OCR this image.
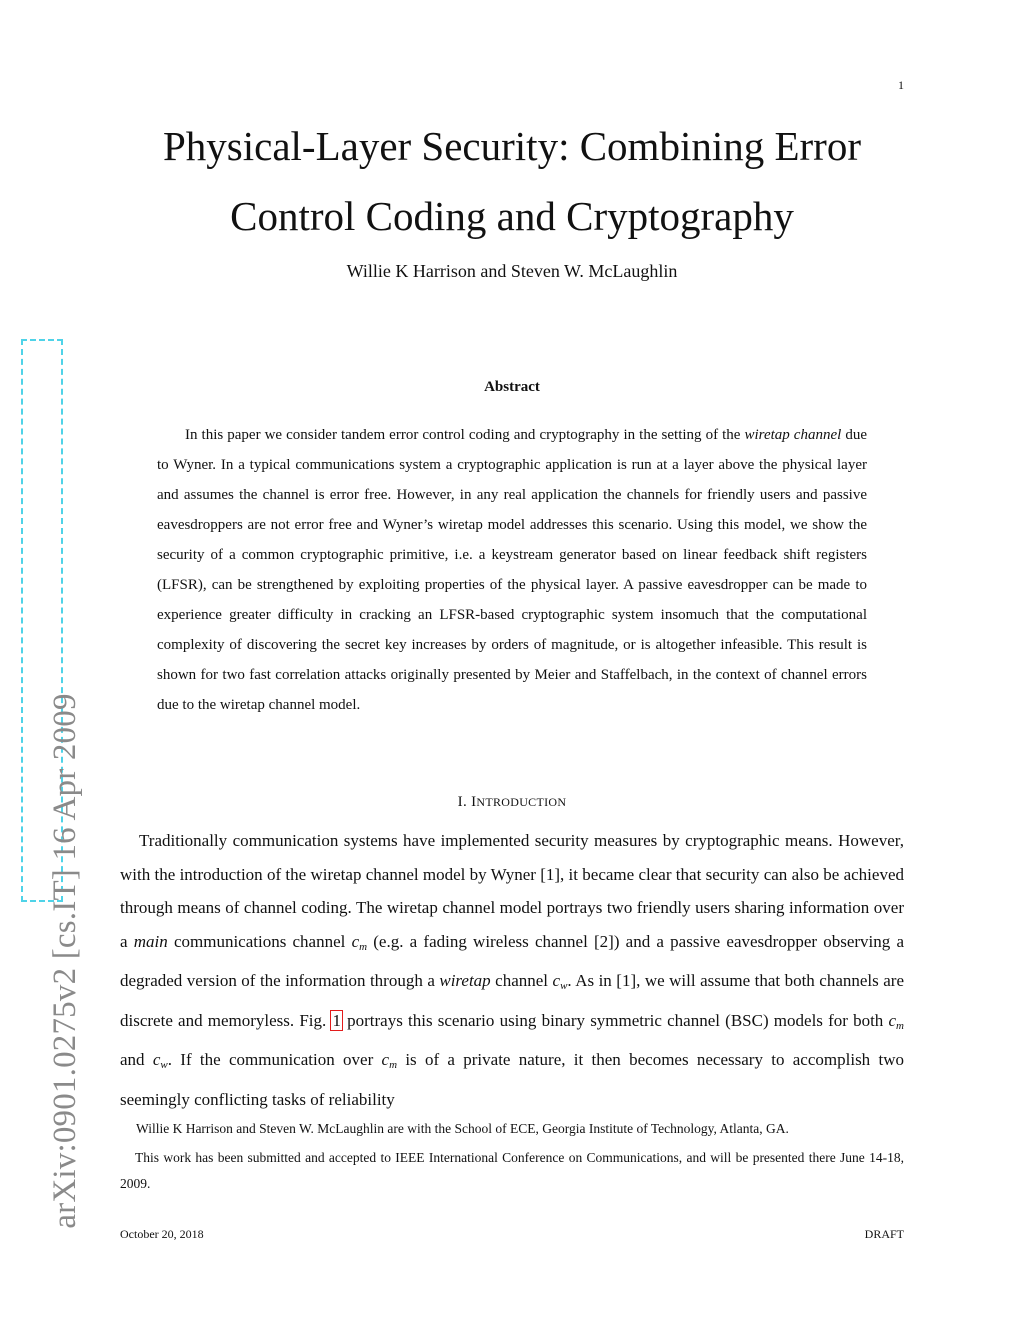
1
arXiv:0901.0275v2 [cs.IT] 16 Apr 2009
Physical-Layer Security: Combining Error
Control Coding and Cryptography
Willie K Harrison and Steven W. McLaughlin
Abstract

In this paper we consider tandem error control coding and cryptography in the setting of the wiretap channel due to Wyner. In a typical communications system a cryptographic application is run at a layer above the physical layer and assumes the channel is error free. However, in any real application the channels for friendly users and passive eavesdroppers are not error free and Wyner’s wiretap model addresses this scenario. Using this model, we show the security of a common cryptographic primitive, i.e. a keystream generator based on linear feedback shift registers (LFSR), can be strengthened by exploiting properties of the physical layer. A passive eavesdropper can be made to experience greater difficulty in cracking an LFSR-based cryptographic system insomuch that the computational complexity of discovering the secret key increases by orders of magnitude, or is altogether infeasible. This result is shown for two fast correlation attacks originally presented by Meier and Staffelbach, in the context of channel errors due to the wiretap channel model.

I. INTRODUCTION

Traditionally communication systems have implemented security measures by cryptographic means. However, with the introduction of the wiretap channel model by Wyner [1], it became clear that security can also be achieved through means of channel coding. The wiretap channel model portrays two friendly users sharing information over a main communications channel $c_m$ (e.g. a fading wireless channel [2]) and a passive eavesdropper observing a degraded version of the information through a wiretap channel $c_w$. As in [1], we will assume that both channels are discrete and memoryless. Fig. 1 portrays this scenario using binary symmetric channel (BSC) models for both $c_m$ and $c_w$. If the communication over $c_m$ is of a private nature, it then becomes necessary to accomplish two seemingly conflicting tasks of reliability

Willie K Harrison and Steven W. McLaughlin are with the School of ECE, Georgia Institute of Technology, Atlanta, GA.

This work has been submitted and accepted to IEEE International Conference on Communications, and will be presented there June 14-18, 2009.

October 20, 2018	DRAFT
